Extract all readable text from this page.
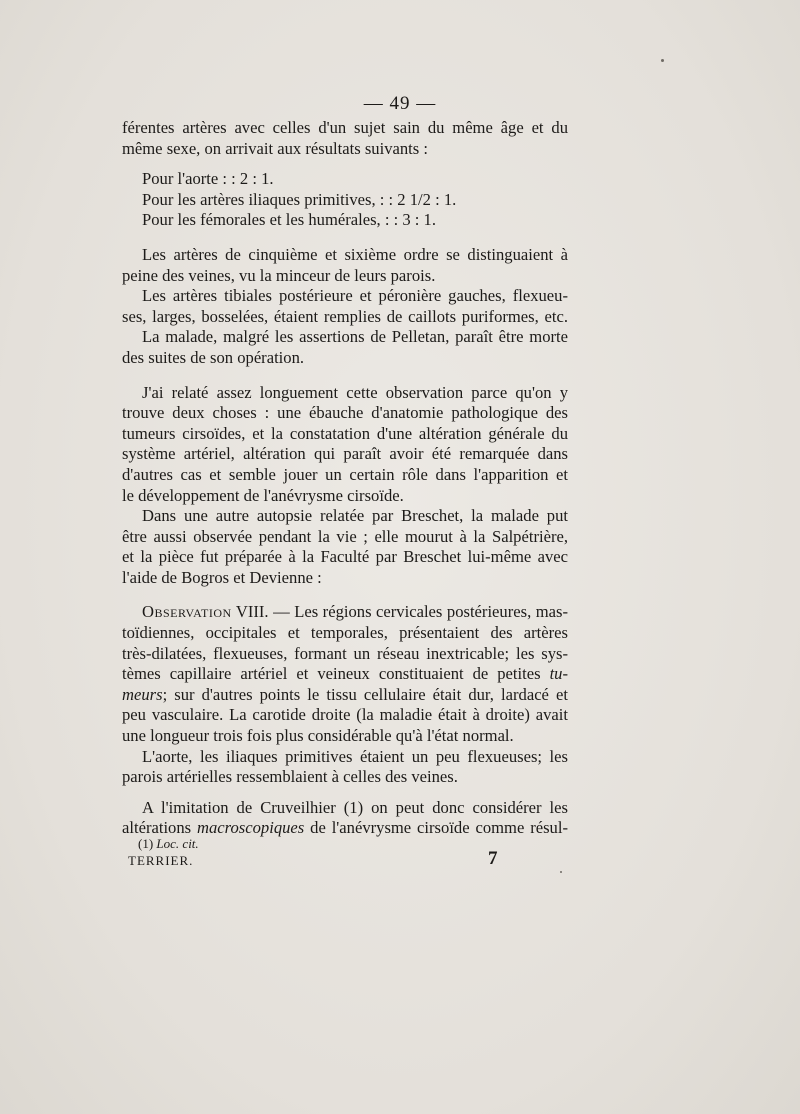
— 49 —
férentes artères avec celles d'un sujet sain du même âge et du
même sexe, on arrivait aux résultats suivants :
Pour l'aorte : : 2 : 1.
Pour les artères iliaques primitives, : : 2 1/2 : 1.
Pour les fémorales et les humérales, : : 3 : 1.
Les artères de cinquième et sixième ordre se distinguaient à
peine des veines, vu la minceur de leurs parois.
Les artères tibiales postérieure et péronière gauches, flexueu-
ses, larges, bosselées, étaient remplies de caillots puriformes, etc.
La malade, malgré les assertions de Pelletan, paraît être morte
des suites de son opération.
J'ai relaté assez longuement cette observation parce qu'on y
trouve deux choses : une ébauche d'anatomie pathologique des
tumeurs cirsoïdes, et la constatation d'une altération générale du
système artériel, altération qui paraît avoir été remarquée dans
d'autres cas et semble jouer un certain rôle dans l'apparition et
le développement de l'anévrysme cirsoïde.
Dans une autre autopsie relatée par Breschet, la malade put
être aussi observée pendant la vie ; elle mourut à la Salpétrière,
et la pièce fut préparée à la Faculté par Breschet lui-même avec
l'aide de Bogros et Devienne :
Observation VIII. — Les régions cervicales postérieures, mas-
toïdiennes, occipitales et temporales, présentaient des artères
très-dilatées, flexueuses, formant un réseau inextricable; les sys-
tèmes capillaire artériel et veineux constituaient de petites tu-
meurs; sur d'autres points le tissu cellulaire était dur, lardacé et
peu vasculaire. La carotide droite (la maladie était à droite) avait
une longueur trois fois plus considérable qu'à l'état normal.
L'aorte, les iliaques primitives étaient un peu flexueuses; les
parois artérielles ressemblaient à celles des veines.
A l'imitation de Cruveilhier (1) on peut donc considérer les
altérations macroscopiques de l'anévrysme cirsoïde comme résul-
(1) Loc. cit.
TERRIER.	7
